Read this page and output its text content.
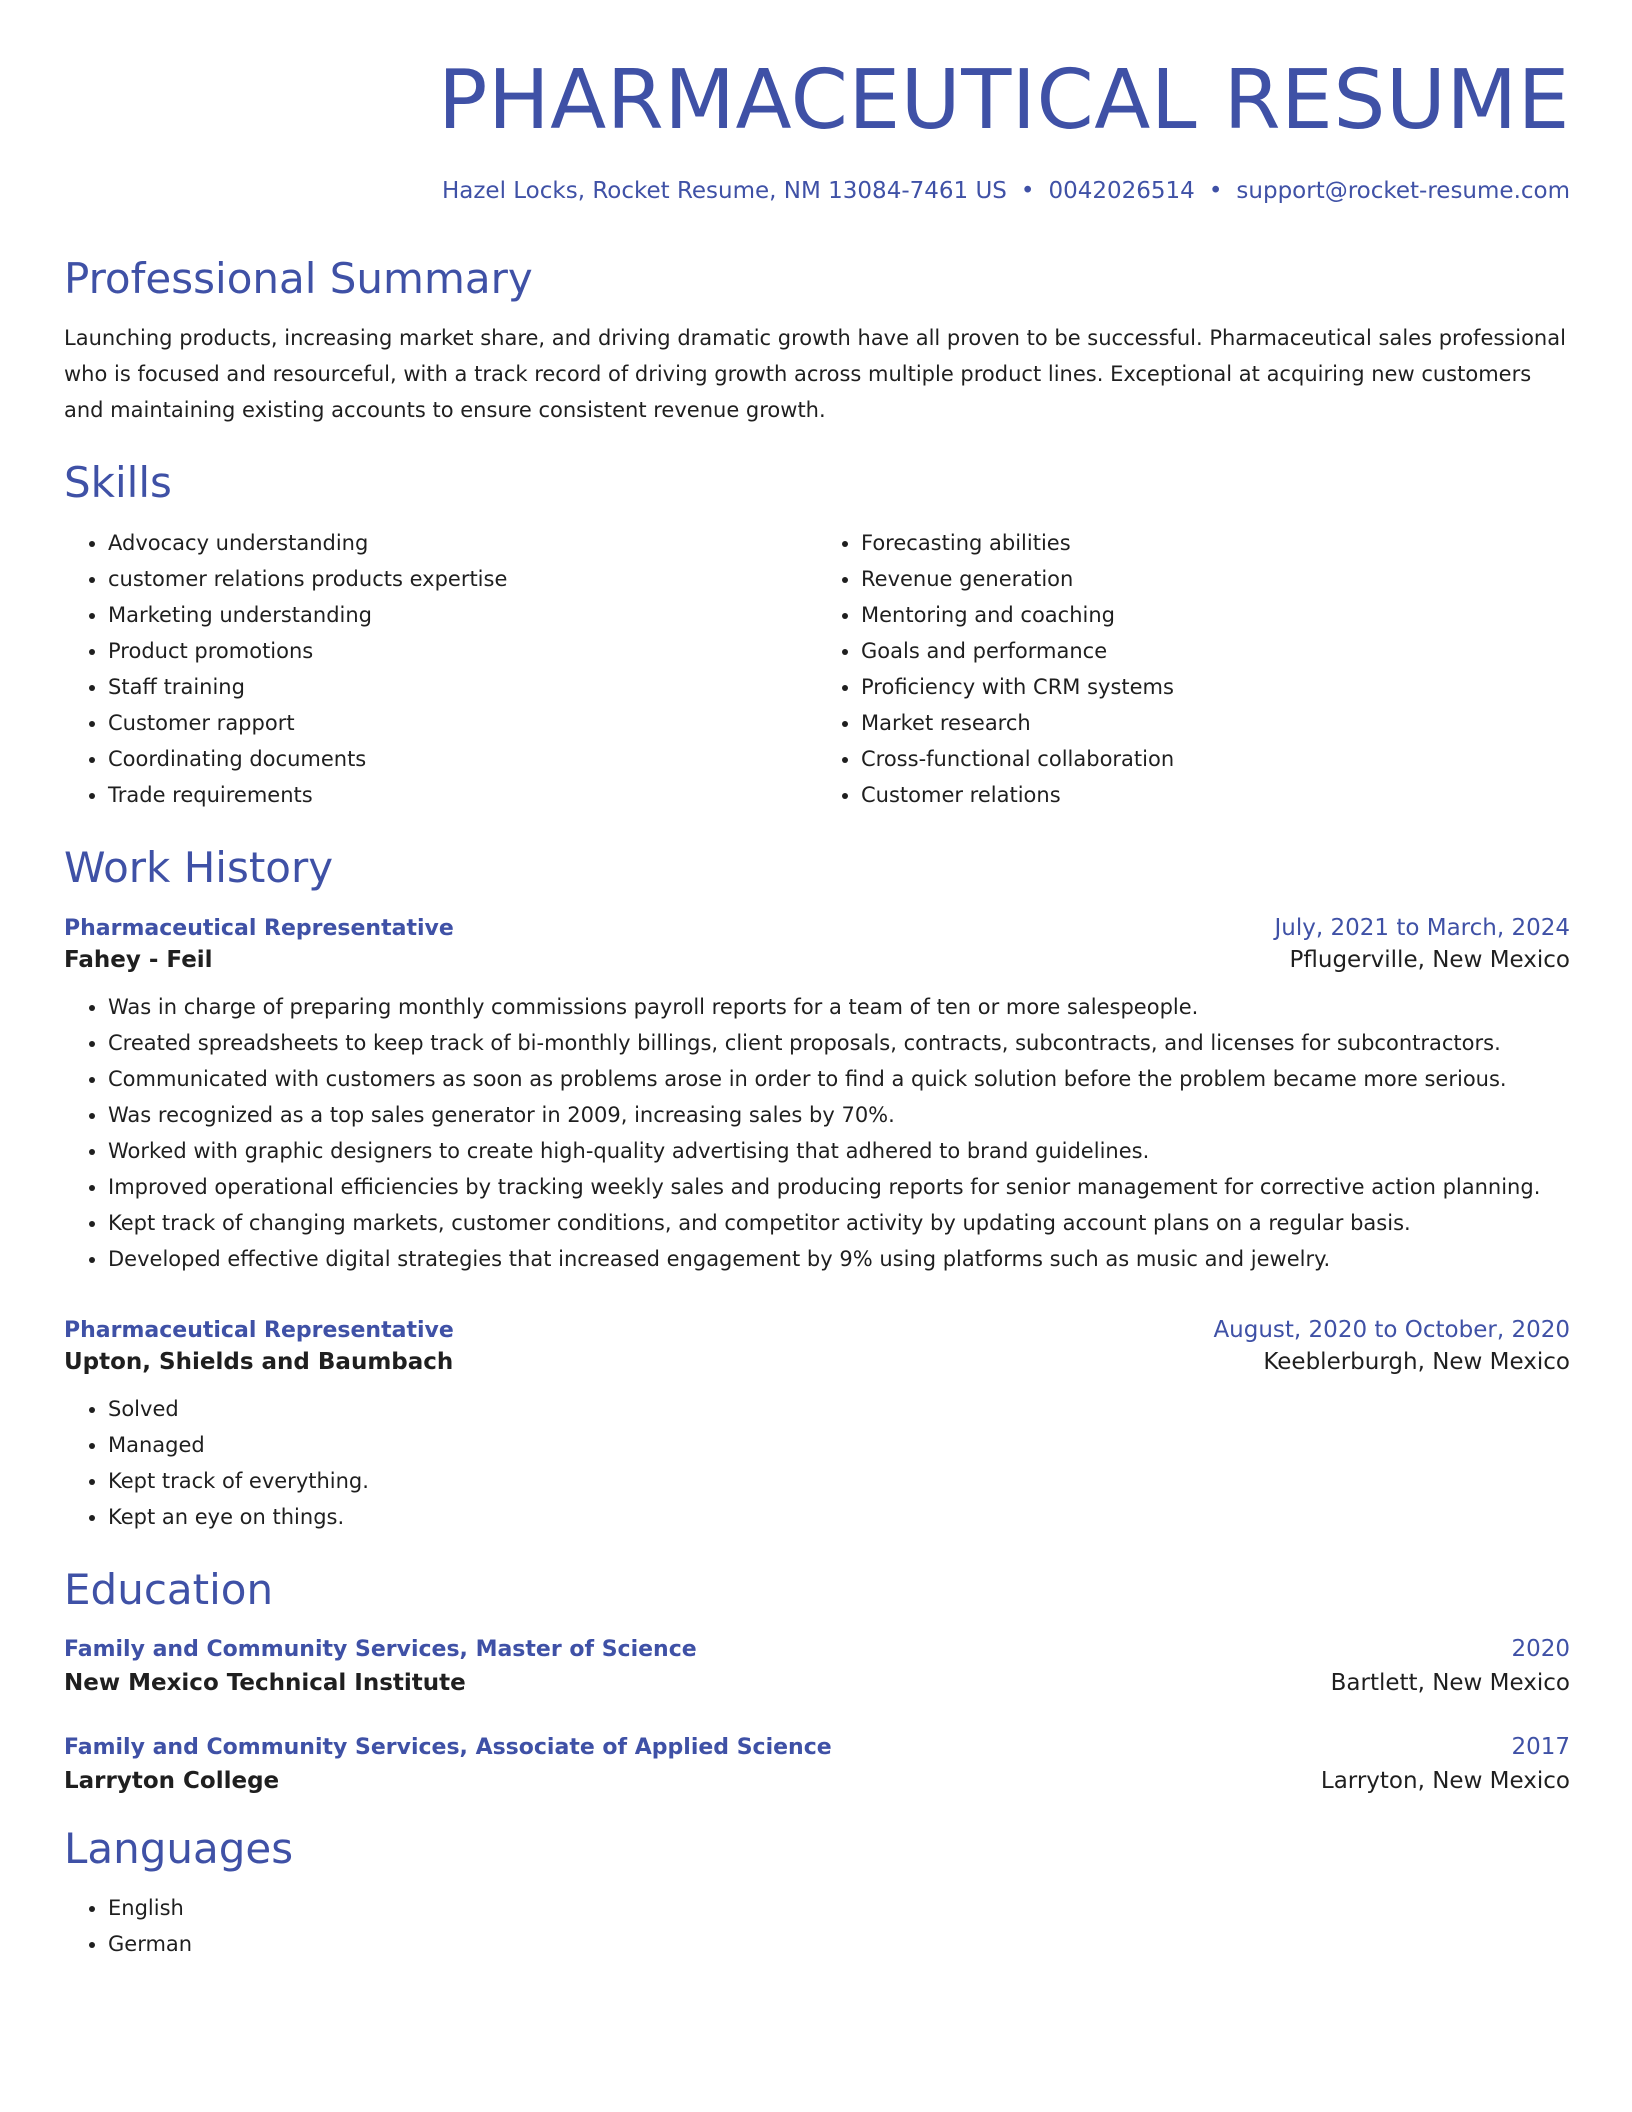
PHARMACEUTICAL RESUME
Hazel Locks, Rocket Resume, NM 13084-7461 US • 0042026514 • support@rocket-resume.com
Professional Summary

Launching products, increasing market share, and driving dramatic growth have all proven to be successful. Pharmaceutical sales professional who is focused and resourceful, with a track record of driving growth across multiple product lines. Exceptional at acquiring new customers and maintaining existing accounts to ensure consistent revenue growth.

Skills
• Advocacy understanding
• customer relations products expertise
• Marketing understanding
• Product promotions
• Staff training
• Customer rapport
• Coordinating documents
• Trade requirements
• Forecasting abilities
• Revenue generation
• Mentoring and coaching
• Goals and performance
• Proficiency with CRM systems
• Market research
• Cross-functional collaboration
• Customer relations
Work History
Pharmaceutical Representative	July, 2021 to March, 2024
Fahey - Feil	Pflugerville, New Mexico
• Was in charge of preparing monthly commissions payroll reports for a team of ten or more salespeople.
• Created spreadsheets to keep track of bi-monthly billings, client proposals, contracts, subcontracts, and licenses for subcontractors.
• Communicated with customers as soon as problems arose in order to find a quick solution before the problem became more serious.
• Was recognized as a top sales generator in 2009, increasing sales by 70%.
• Worked with graphic designers to create high-quality advertising that adhered to brand guidelines.
• Improved operational efficiencies by tracking weekly sales and producing reports for senior management for corrective action planning.
• Kept track of changing markets, customer conditions, and competitor activity by updating account plans on a regular basis.
• Developed effective digital strategies that increased engagement by 9% using platforms such as music and jewelry.
Pharmaceutical Representative	August, 2020 to October, 2020
Upton, Shields and Baumbach	Keeblerburgh, New Mexico
• Solved
• Managed
• Kept track of everything.
• Kept an eye on things.
Education
Family and Community Services, Master of Science	2020
New Mexico Technical Institute	Bartlett, New Mexico
Family and Community Services, Associate of Applied Science	2017
Larryton College	Larryton, New Mexico
Languages
• English
• German
